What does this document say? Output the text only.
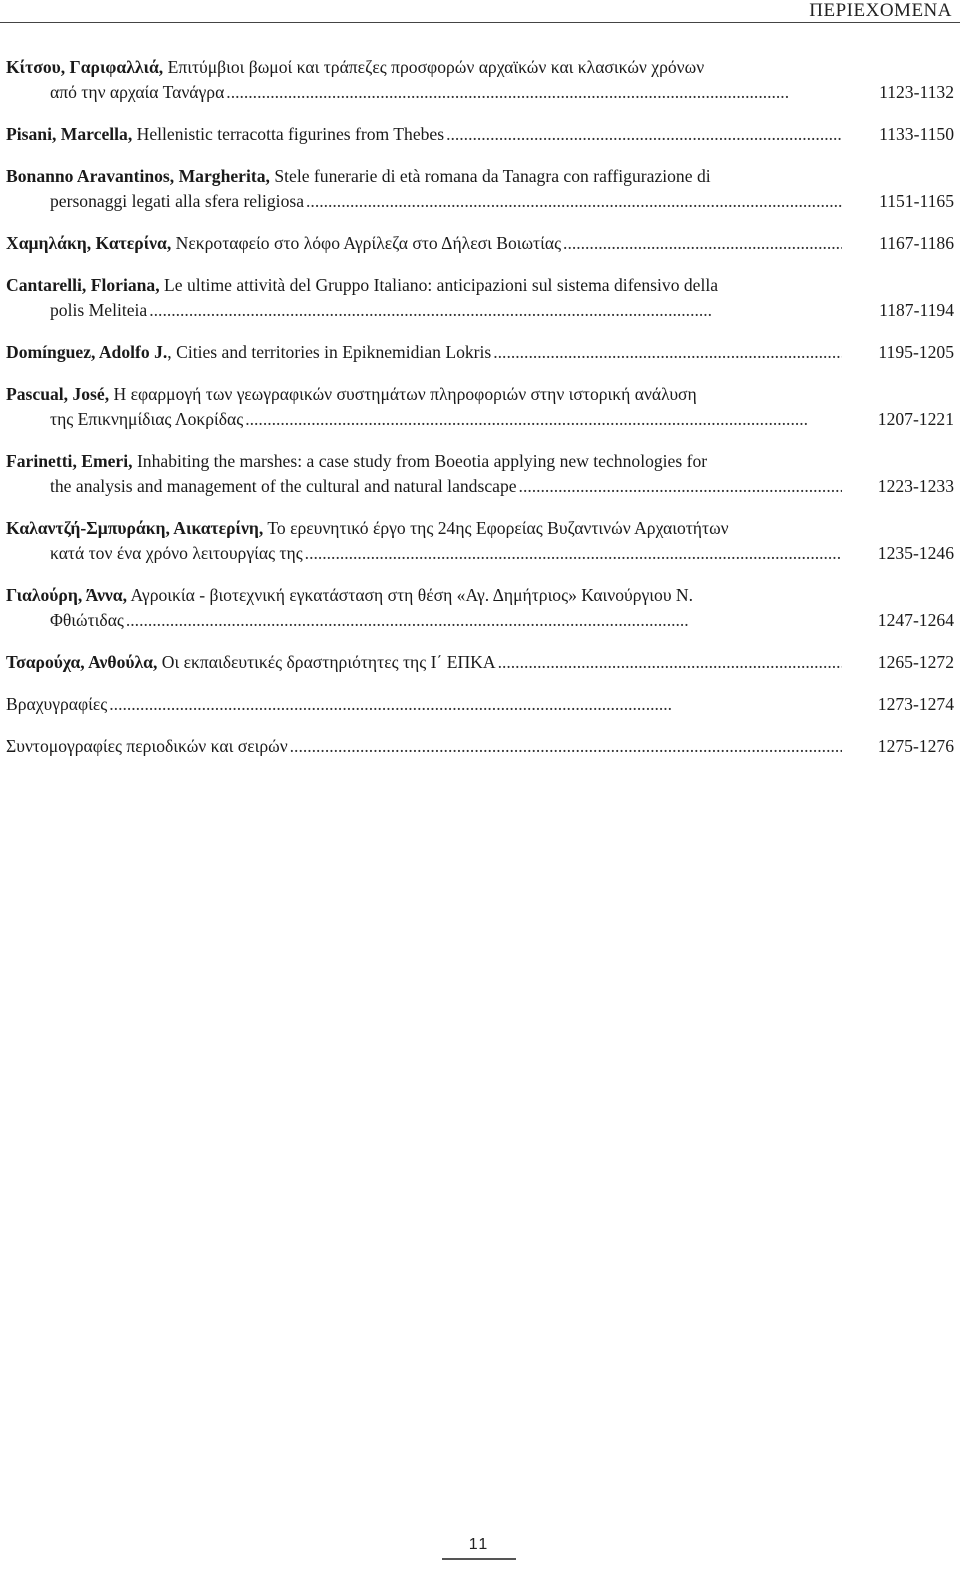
ΠΕΡΙΕΧΟΜΕΝΑ
Κίτσου, Γαριφαλλιά, Επιτύμβιοι βωμοί και τράπεζες προσφορών αρχαϊκών και κλασικών χρόνων
από την αρχαία Τανάγρα . . .	1123-1132
Pisani, Marcella, Hellenistic terracotta figurines from Thebes . . .	1133-1150
Bonanno Aravantinos, Margherita, Stele funerarie di età romana da Tanagra con raffigurazione di
personaggi legati alla sfera religiosa . . .	1151-1165
Χαμηλάκη, Κατερίνα, Νεκροταφείο στο λόφο Αγρίλεζα στο Δήλεσι Βοιωτίας . . .	1167-1186
Cantarelli, Floriana, Le ultime attività del Gruppo Italiano: anticipazioni sul sistema difensivo della
polis Meliteia . . .	1187-1194
Domínguez, Adolfo J., Cities and territories in Epiknemidian Lokris . . .	1195-1205
Pascual, José, Η εφαρμογή των γεωγραφικών συστημάτων πληροφοριών στην ιστορική ανάλυση
της Επικνημίδιας Λοκρίδας . . .	1207-1221
Farinetti, Emeri, Inhabiting the marshes: a case study from Boeotia applying new technologies for
the analysis and management of the cultural and natural landscape . . .	1223-1233
Καλαντζή-Σμπυράκη, Αικατερίνη, Το ερευνητικό έργο της 24ης Εφορείας Βυζαντινών Αρχαιοτήτων
κατά τον ένα χρόνο λειτουργίας της . . .	1235-1246
Γιαλούρη, Άννα, Αγροικία - βιοτεχνική εγκατάσταση στη θέση «Αγ. Δημήτριος» Καινούργιου Ν.
Φθιώτιδας . . .	1247-1264
Τσαρούχα, Ανθούλα, Οι εκπαιδευτικές δραστηριότητες της Ι΄ ΕΠΚΑ . . .	1265-1272
Βραχυγραφίες . . .	1273-1274
Συντομογραφίες περιοδικών και σειρών . . .	1275-1276
11
